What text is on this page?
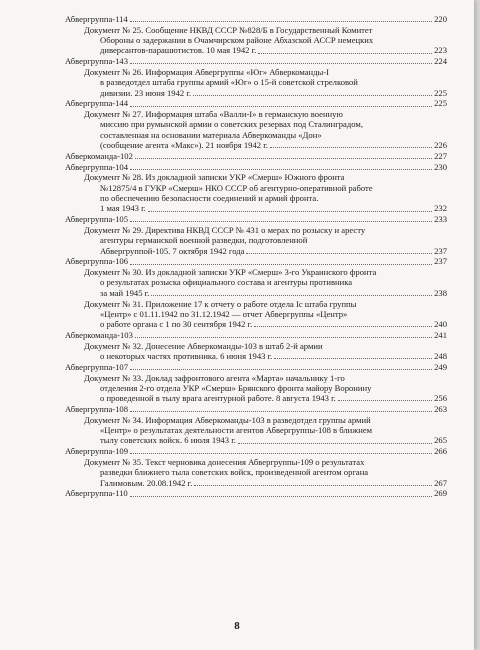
Абвергруппа-114	220
Документ № 25. Сообщение НКВД СССР №828/Б в Государственный Комитет
Обороны о задержании в Очамчирском районе Абхазской АССР немецких
диверсантов-парашютистов. 10 мая 1942 г.	223
Абвергруппа-143	224
Документ № 26. Информация Абвергруппы «Юг» Абверкоманды-I
в разведотдел штаба группы армий «Юг» о 15-й советской стрелковой
дивизии. 23 июня 1942 г.	225
Абвергруппа-144	225
Документ № 27. Информация штаба «Валли-I» в германскую военную
миссию при румынской армии о советских резервах под Сталинградом,
составленная на основании материала Абверкоманды «Дон»
(сообщение агента «Макс»). 21 ноября 1942 г.	226
Абверкоманда-102	227
Абвергруппа-104	230
Документ № 28. Из докладной записки УКР «Смерш» Южного фронта
№12875/4 в ГУКР «Смерш» НКО СССР об агентурно-оперативной работе
по обеспечению безопасности соединений и армий фронта.
1 мая 1943 г.	232
Абвергруппа-105	233
Документ № 29. Директива НКВД СССР № 431 о мерах по розыску и аресту
агентуры германской военной разведки, подготовленной
Абвергруппой-105. 7 октября 1942 года	237
Абвергруппа-106	237
Документ № 30. Из докладной записки УКР «Смерш» 3-го Украинского фронта
о результатах розыска официального состава и агентуры противника
за май 1945 г.	238
Документ № 31. Приложение 17 к отчету о работе отдела Ic штаба группы
«Центр» с 01.11.1942 по 31.12.1942 — отчет Абвергруппы «Центр»
о работе органа с 1 по 30 сентября 1942 г.	240
Абверкоманда-103	241
Документ № 32. Донесение Абверкоманды-103 в штаб 2-й армии
о некоторых частях противника. 6 июня 1943 г.	248
Абвергруппа-107	249
Документ № 33. Доклад зафронтового агента «Марта» начальнику 1-го
отделения 2-го отдела УКР «Смерш» Брянского фронта майору Воронину
о проведенной в тылу врага агентурной работе. 8 августа 1943 г.	256
Абвергруппа-108	263
Документ № 34. Информация Абверкоманды-103 в разведотдел группы армий
«Центр» о результатах деятельности агентов Абвергруппы-108 в ближнем
тылу советских войск. 6 июля 1943 г.	265
Абвергруппа-109	266
Документ № 35. Текст черновика донесения Абвергруппы-109 о результатах
разведки ближнего тыла советских войск, произведенной агентом органа
Галимовым. 20.08.1942 г.	267
Абвергруппа-110	269
8
